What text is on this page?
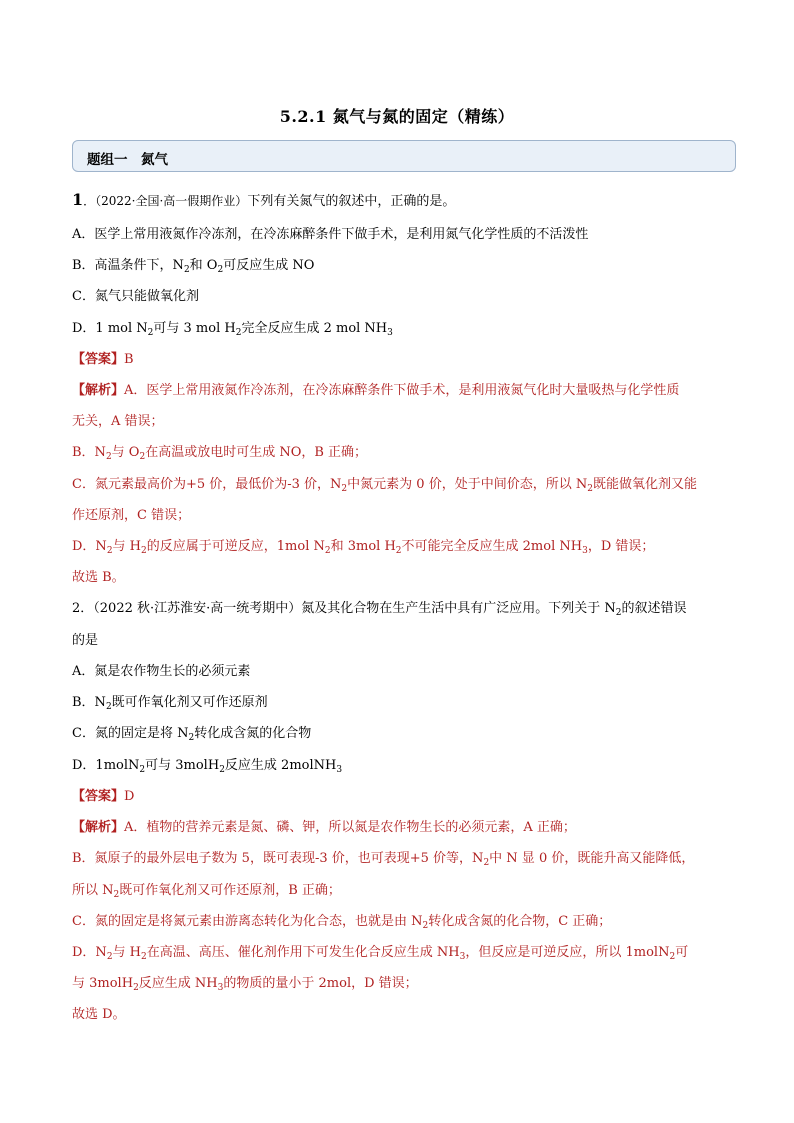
5.2.1 氮气与氮的固定（精练）
题组一　氮气
1．（2022·全国·高一假期作业）下列有关氮气的叙述中，正确的是。
A．医学上常用液氮作冷冻剂，在冷冻麻醉条件下做手术，是利用氮气化学性质的不活泼性
B．高温条件下，$N_2$和 $O_2$可反应生成 NO
C．氮气只能做氧化剂
D．1 mol $N_2$可与 3 mol $H_2$完全反应生成 2 mol $NH_3$
【答案】B
【解析】A．医学上常用液氮作冷冻剂，在冷冻麻醉条件下做手术，是利用液氮气化时大量吸热与化学性质
无关，A 错误；
B．$N_2$与 $O_2$在高温或放电时可生成 NO，B 正确；
C．氮元素最高价为+5 价，最低价为-3 价，$N_2$中氮元素为 0 价，处于中间价态，所以 $N_2$既能做氧化剂又能
作还原剂，C 错误；
D．$N_2$与 $H_2$的反应属于可逆反应，1mol $N_2$和 3mol $H_2$不可能完全反应生成 2mol $NH_3$，D 错误；
故选 B。
2．（2022 秋·江苏淮安·高一统考期中）氮及其化合物在生产生活中具有广泛应用。下列关于 $N_2$的叙述错误
的是
A．氮是农作物生长的必须元素
B．$N_2$既可作氧化剂又可作还原剂
C．氮的固定是将 $N_2$转化成含氮的化合物
D．1molN$_2$可与 3molH$_2$反应生成 2molNH$_3$
【答案】D
【解析】A．植物的营养元素是氮、磷、钾，所以氮是农作物生长的必须元素，A 正确；
B．氮原子的最外层电子数为 5，既可表现-3 价，也可表现+5 价等，$N_2$中 N 显 0 价，既能升高又能降低，
所以 $N_2$既可作氧化剂又可作还原剂，B 正确；
C．氮的固定是将氮元素由游离态转化为化合态，也就是由 $N_2$转化成含氮的化合物，C 正确；
D．$N_2$与 $H_2$在高温、高压、催化剂作用下可发生化合反应生成 $NH_3$，但反应是可逆反应，所以 1molN$_2$可
与 3molH$_2$反应生成 $NH_3$的物质的量小于 2mol，D 错误；
故选 D。
